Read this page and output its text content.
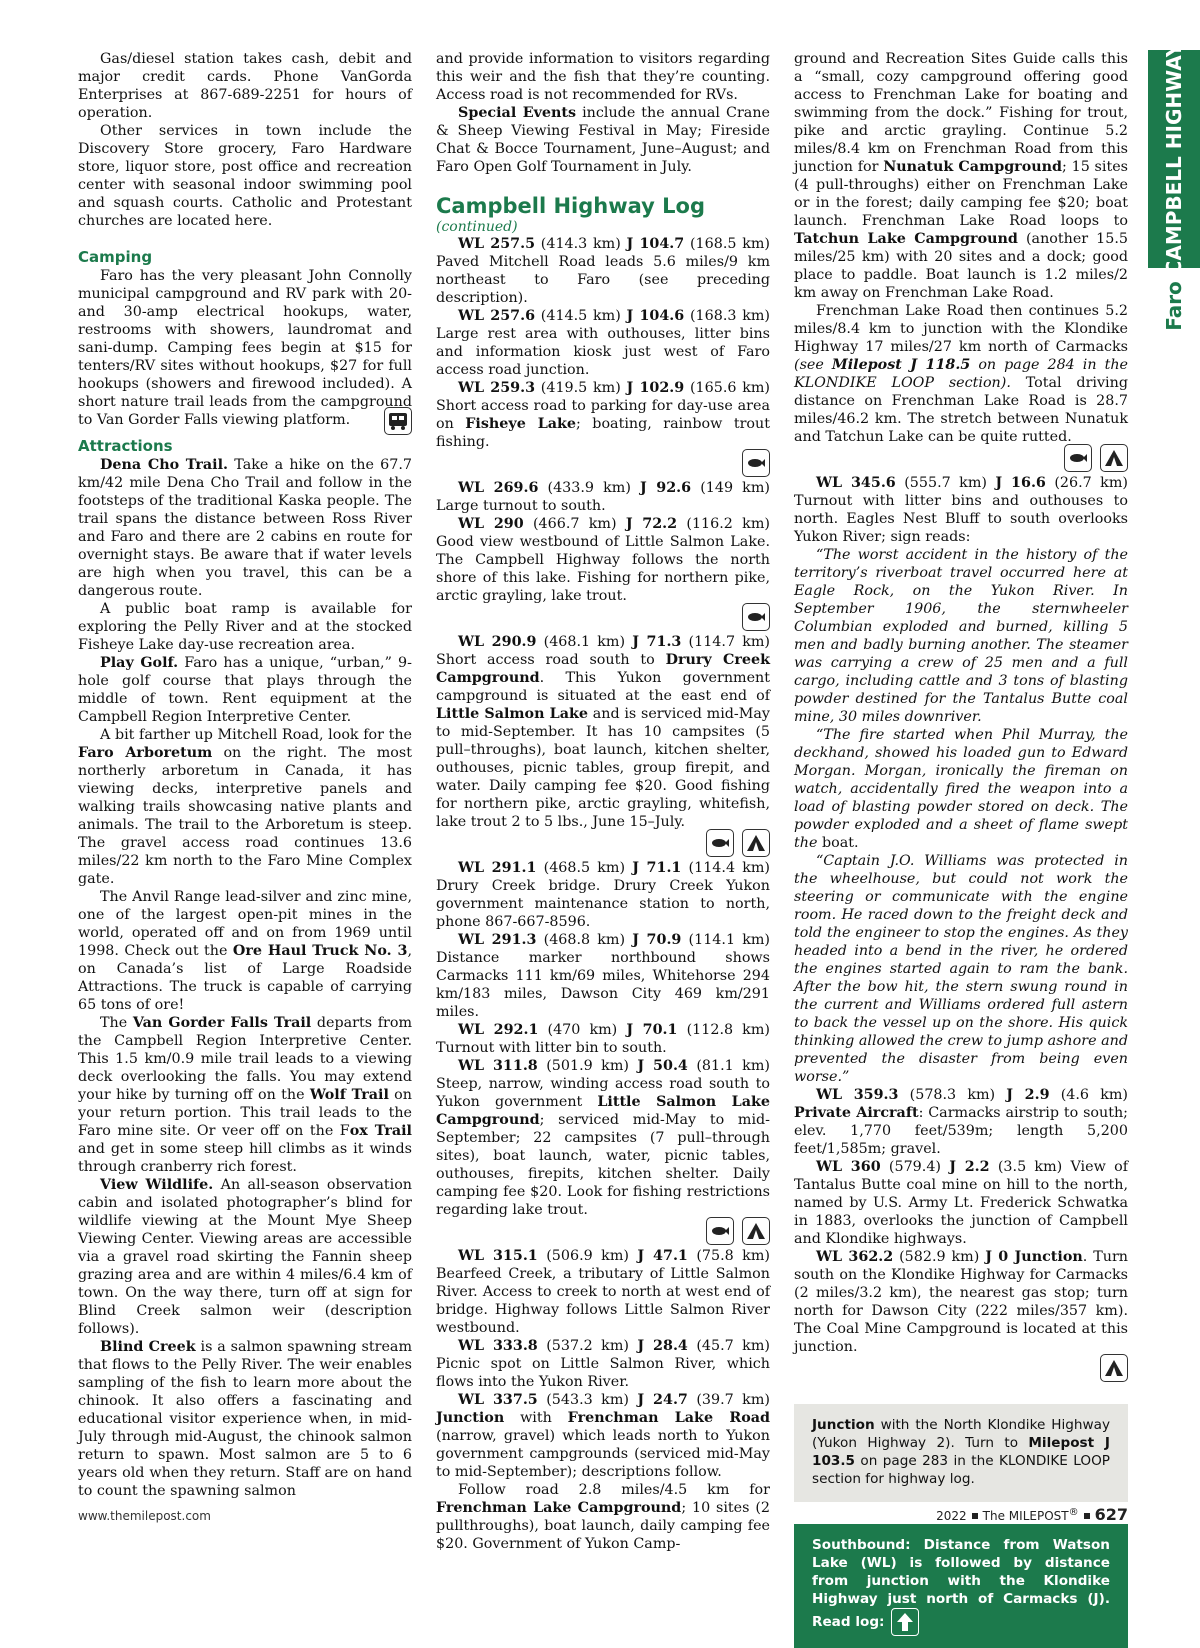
CAMPBELL HIGHWAY
Faro

Gas/diesel station takes cash, debit and major credit cards. Phone VanGorda Enterprises at 867-689-2251 for hours of operation.

Other services in town include the Discovery Store grocery, Faro Hardware store, liquor store, post office and recreation center with seasonal indoor swimming pool and squash courts. Catholic and Protestant churches are located here.

Camping

Faro has the very pleasant John Connolly municipal campground and RV park with 20- and 30-amp electrical hookups, water, restrooms with showers, laundromat and sani-dump. Camping fees begin at $15 for tenters/RV sites without hookups, $27 for full hookups (showers and firewood included). A short nature trail leads from the campground to Van Gorder Falls viewing platform.

Attractions

Dena Cho Trail. Take a hike on the 67.7 km/42 mile Dena Cho Trail and follow in the footsteps of the traditional Kaska people. The trail spans the distance between Ross River and Faro and there are 2 cabins en route for overnight stays. Be aware that if water levels are high when you travel, this can be a dangerous route.

A public boat ramp is available for exploring the Pelly River and at the stocked Fisheye Lake day-use recreation area.

Play Golf. Faro has a unique, “urban,” 9-hole golf course that plays through the middle of town. Rent equipment at the Campbell Region Interpretive Center.

A bit farther up Mitchell Road, look for the Faro Arboretum on the right. The most northerly arboretum in Canada, it has viewing decks, interpretive panels and walking trails showcasing native plants and animals. The trail to the Arboretum is steep. The gravel access road continues 13.6 miles/22 km north to the Faro Mine Complex gate.

The Anvil Range lead-silver and zinc mine, one of the largest open-pit mines in the world, operated off and on from 1969 until 1998. Check out the Ore Haul Truck No. 3, on Canada’s list of Large Roadside Attractions. The truck is capable of carrying 65 tons of ore!

The Van Gorder Falls Trail departs from the Campbell Region Interpretive Center. This 1.5 km/0.9 mile trail leads to a viewing deck overlooking the falls. You may extend your hike by turning off on the Wolf Trail on your return portion. This trail leads to the Faro mine site. Or veer off on the Fox Trail and get in some steep hill climbs as it winds through cranberry rich forest.

View Wildlife. An all-season observation cabin and isolated photographer’s blind for wildlife viewing at the Mount Mye Sheep Viewing Center. Viewing areas are accessible via a gravel road skirting the Fannin sheep grazing area and are within 4 miles/6.4 km of town. On the way there, turn off at sign for Blind Creek salmon weir (description follows).

Blind Creek is a salmon spawning stream that flows to the Pelly River. The weir enables sampling of the fish to learn more about the chinook. It also offers a fascinating and educational visitor experience when, in mid-July through mid-August, the chinook salmon return to spawn. Most salmon are 5 to 6 years old when they return. Staff are on hand to count the spawning salmon

and provide information to visitors regarding this weir and the fish that they’re counting. Access road is not recommended for RVs.

Special Events include the annual Crane & Sheep Viewing Festival in May; Fireside Chat & Bocce Tournament, June–August; and Faro Open Golf Tournament in July.

Campbell Highway Log
(continued)

WL 257.5 (414.3 km) J 104.7 (168.5 km) Paved Mitchell Road leads 5.6 miles/9 km northeast to Faro (see preceding description).

WL 257.6 (414.5 km) J 104.6 (168.3 km) Large rest area with outhouses, litter bins and information kiosk just west of Faro access road junction.

WL 259.3 (419.5 km) J 102.9 (165.6 km) Short access road to parking for day-use area on Fisheye Lake; boating, rainbow trout fishing.

WL 269.6 (433.9 km) J 92.6 (149 km) Large turnout to south.

WL 290 (466.7 km) J 72.2 (116.2 km) Good view westbound of Little Salmon Lake. The Campbell Highway follows the north shore of this lake. Fishing for northern pike, arctic grayling, lake trout.

WL 290.9 (468.1 km) J 71.3 (114.7 km) Short access road south to Drury Creek Campground. This Yukon government campground is situated at the east end of Little Salmon Lake and is serviced mid-May to mid-September. It has 10 campsites (5 pull–throughs), boat launch, kitchen shelter, outhouses, picnic tables, group firepit, and water. Daily camping fee $20. Good fishing for northern pike, arctic grayling, whitefish, lake trout 2 to 5 lbs., June 15–July.

WL 291.1 (468.5 km) J 71.1 (114.4 km) Drury Creek bridge. Drury Creek Yukon government maintenance station to north, phone 867-667-8596.

WL 291.3 (468.8 km) J 70.9 (114.1 km) Distance marker northbound shows Carmacks 111 km/69 miles, Whitehorse 294 km/183 miles, Dawson City 469 km/291 miles.

WL 292.1 (470 km) J 70.1 (112.8 km) Turnout with litter bin to south.

WL 311.8 (501.9 km) J 50.4 (81.1 km) Steep, narrow, winding access road south to Yukon government Little Salmon Lake Campground; serviced mid-May to mid-September; 22 campsites (7 pull–through sites), boat launch, water, picnic tables, outhouses, firepits, kitchen shelter. Daily camping fee $20. Look for fishing restrictions regarding lake trout.

WL 315.1 (506.9 km) J 47.1 (75.8 km) Bearfeed Creek, a tributary of Little Salmon River. Access to creek to north at west end of bridge. Highway follows Little Salmon River westbound.

WL 333.8 (537.2 km) J 28.4 (45.7 km) Picnic spot on Little Salmon River, which flows into the Yukon River.

WL 337.5 (543.3 km) J 24.7 (39.7 km) Junction with Frenchman Lake Road (narrow, gravel) which leads north to Yukon government campgrounds (serviced mid-May to mid-September); descriptions follow.

Follow road 2.8 miles/4.5 km for Frenchman Lake Campground; 10 sites (2 pullthroughs), boat launch, daily camping fee $20. Government of Yukon Camp-

ground and Recreation Sites Guide calls this a “small, cozy campground offering good access to Frenchman Lake for boating and swimming from the dock.” Fishing for trout, pike and arctic grayling. Continue 5.2 miles/8.4 km on Frenchman Road from this junction for Nunatuk Campground; 15 sites (4 pull-throughs) either on Frenchman Lake or in the forest; daily camping fee $20; boat launch. Frenchman Lake Road loops to Tatchun Lake Campground (another 15.5 miles/25 km) with 20 sites and a dock; good place to paddle. Boat launch is 1.2 miles/2 km away on Frenchman Lake Road.

Frenchman Lake Road then continues 5.2 miles/8.4 km to junction with the Klondike Highway 17 miles/27 km north of Carmacks (see Milepost J 118.5 on page 284 in the KLONDIKE LOOP section). Total driving distance on Frenchman Lake Road is 28.7 miles/46.2 km. The stretch between Nunatuk and Tatchun Lake can be quite rutted.

WL 345.6 (555.7 km) J 16.6 (26.7 km) Turnout with litter bins and outhouses to north. Eagles Nest Bluff to south overlooks Yukon River; sign reads:

“The worst accident in the history of the territory’s riverboat travel occurred here at Eagle Rock, on the Yukon River. In September 1906, the sternwheeler Columbian exploded and burned, killing 5 men and badly burning another. The steamer was carrying a crew of 25 men and a full cargo, including cattle and 3 tons of blasting powder destined for the Tantalus Butte coal mine, 30 miles downriver.

“The fire started when Phil Murray, the deckhand, showed his loaded gun to Edward Morgan. Morgan, ironically the fireman on watch, accidentally fired the weapon into a load of blasting powder stored on deck. The powder exploded and a sheet of flame swept the boat.

“Captain J.O. Williams was protected in the wheelhouse, but could not work the steering or communicate with the engine room. He raced down to the freight deck and told the engineer to stop the engines. As they headed into a bend in the river, he ordered the engines started again to ram the bank. After the bow hit, the stern swung round in the current and Williams ordered full astern to back the vessel up on the shore. His quick thinking allowed the crew to jump ashore and prevented the disaster from being even worse.”

WL 359.3 (578.3 km) J 2.9 (4.6 km) Private Aircraft: Carmacks airstrip to south; elev. 1,770 feet/539m; length 5,200 feet/1,585m; gravel.

WL 360 (579.4) J 2.2 (3.5 km) View of Tantalus Butte coal mine on hill to the north, named by U.S. Army Lt. Frederick Schwatka in 1883, overlooks the junction of Campbell and Klondike highways.

WL 362.2 (582.9 km) J 0 Junction. Turn south on the Klondike Highway for Carmacks (2 miles/3.2 km), the nearest gas stop; turn north for Dawson City (222 miles/357 km). The Coal Mine Campground is located at this junction.

Junction with the North Klondike Highway (Yukon Highway 2). Turn to Milepost J 103.5 on page 283 in the KLONDIKE LOOP section for highway log.

Southbound: Distance from Watson Lake (WL) is followed by distance from junction with the Klondike Highway just north of Carmacks (J). Read log:

www.themilepost.com	2022 The MILEPOST® 627
